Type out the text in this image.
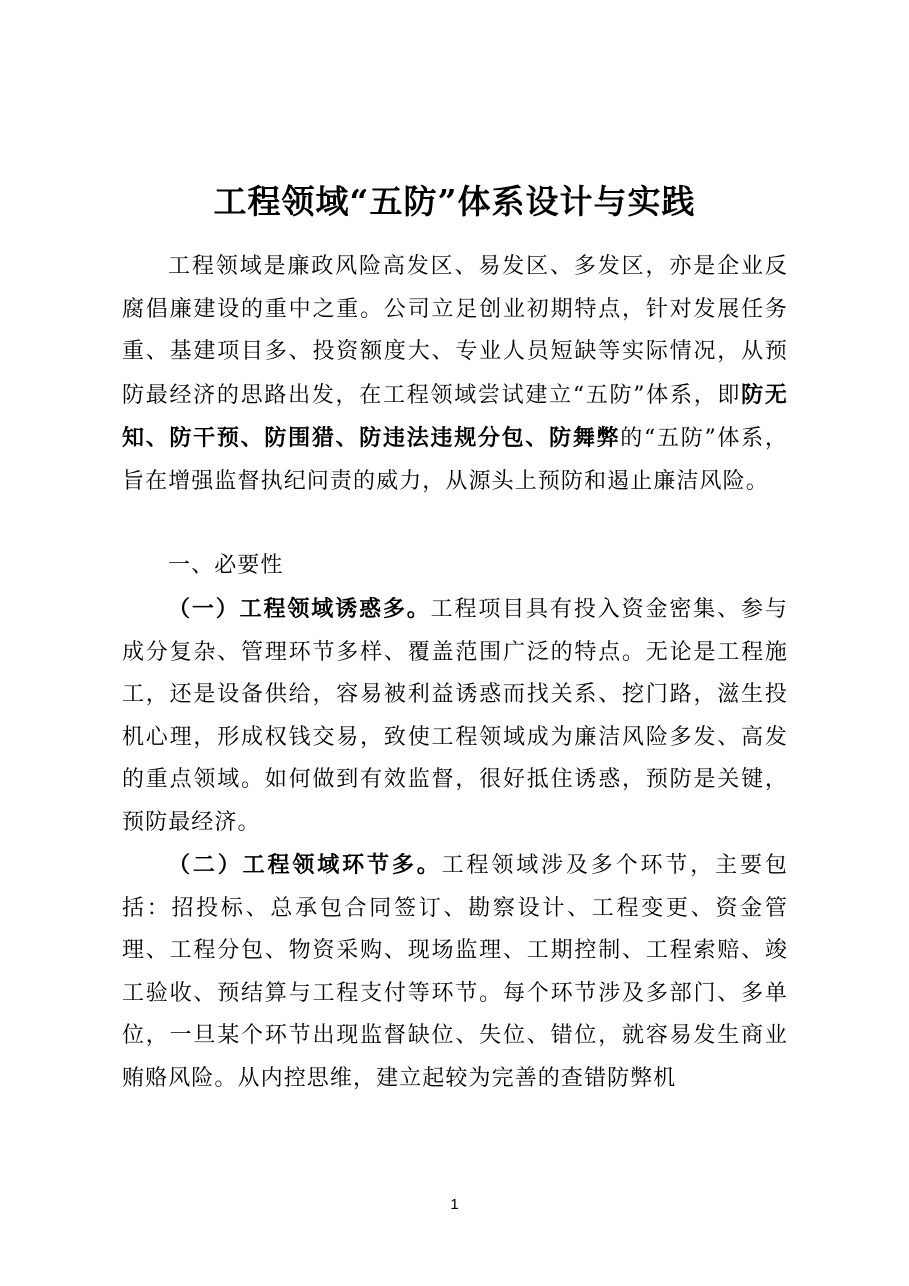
工程领域“五防”体系设计与实践

工程领域是廉政风险高发区、易发区、多发区，亦是企业反腐倡廉建设的重中之重。公司立足创业初期特点，针对发展任务重、基建项目多、投资额度大、专业人员短缺等实际情况，从预防最经济的思路出发，在工程领域尝试建立“五防”体系，即防无知、防干预、防围猎、防违法违规分包、防舞弊的“五防”体系，旨在增强监督执纪问责的威力，从源头上预防和遏止廉洁风险。

一、必要性

（一）工程领域诱惑多。工程项目具有投入资金密集、参与成分复杂、管理环节多样、覆盖范围广泛的特点。无论是工程施工，还是设备供给，容易被利益诱惑而找关系、挖门路，滋生投机心理，形成权钱交易，致使工程领域成为廉洁风险多发、高发的重点领域。如何做到有效监督，很好抵住诱惑，预防是关键，预防最经济。

（二）工程领域环节多。工程领域涉及多个环节，主要包括：招投标、总承包合同签订、勘察设计、工程变更、资金管理、工程分包、物资采购、现场监理、工期控制、工程索赔、竣工验收、预结算与工程支付等环节。每个环节涉及多部门、多单位，一旦某个环节出现监督缺位、失位、错位，就容易发生商业贿赂风险。从内控思维，建立起较为完善的查错防弊机

1
